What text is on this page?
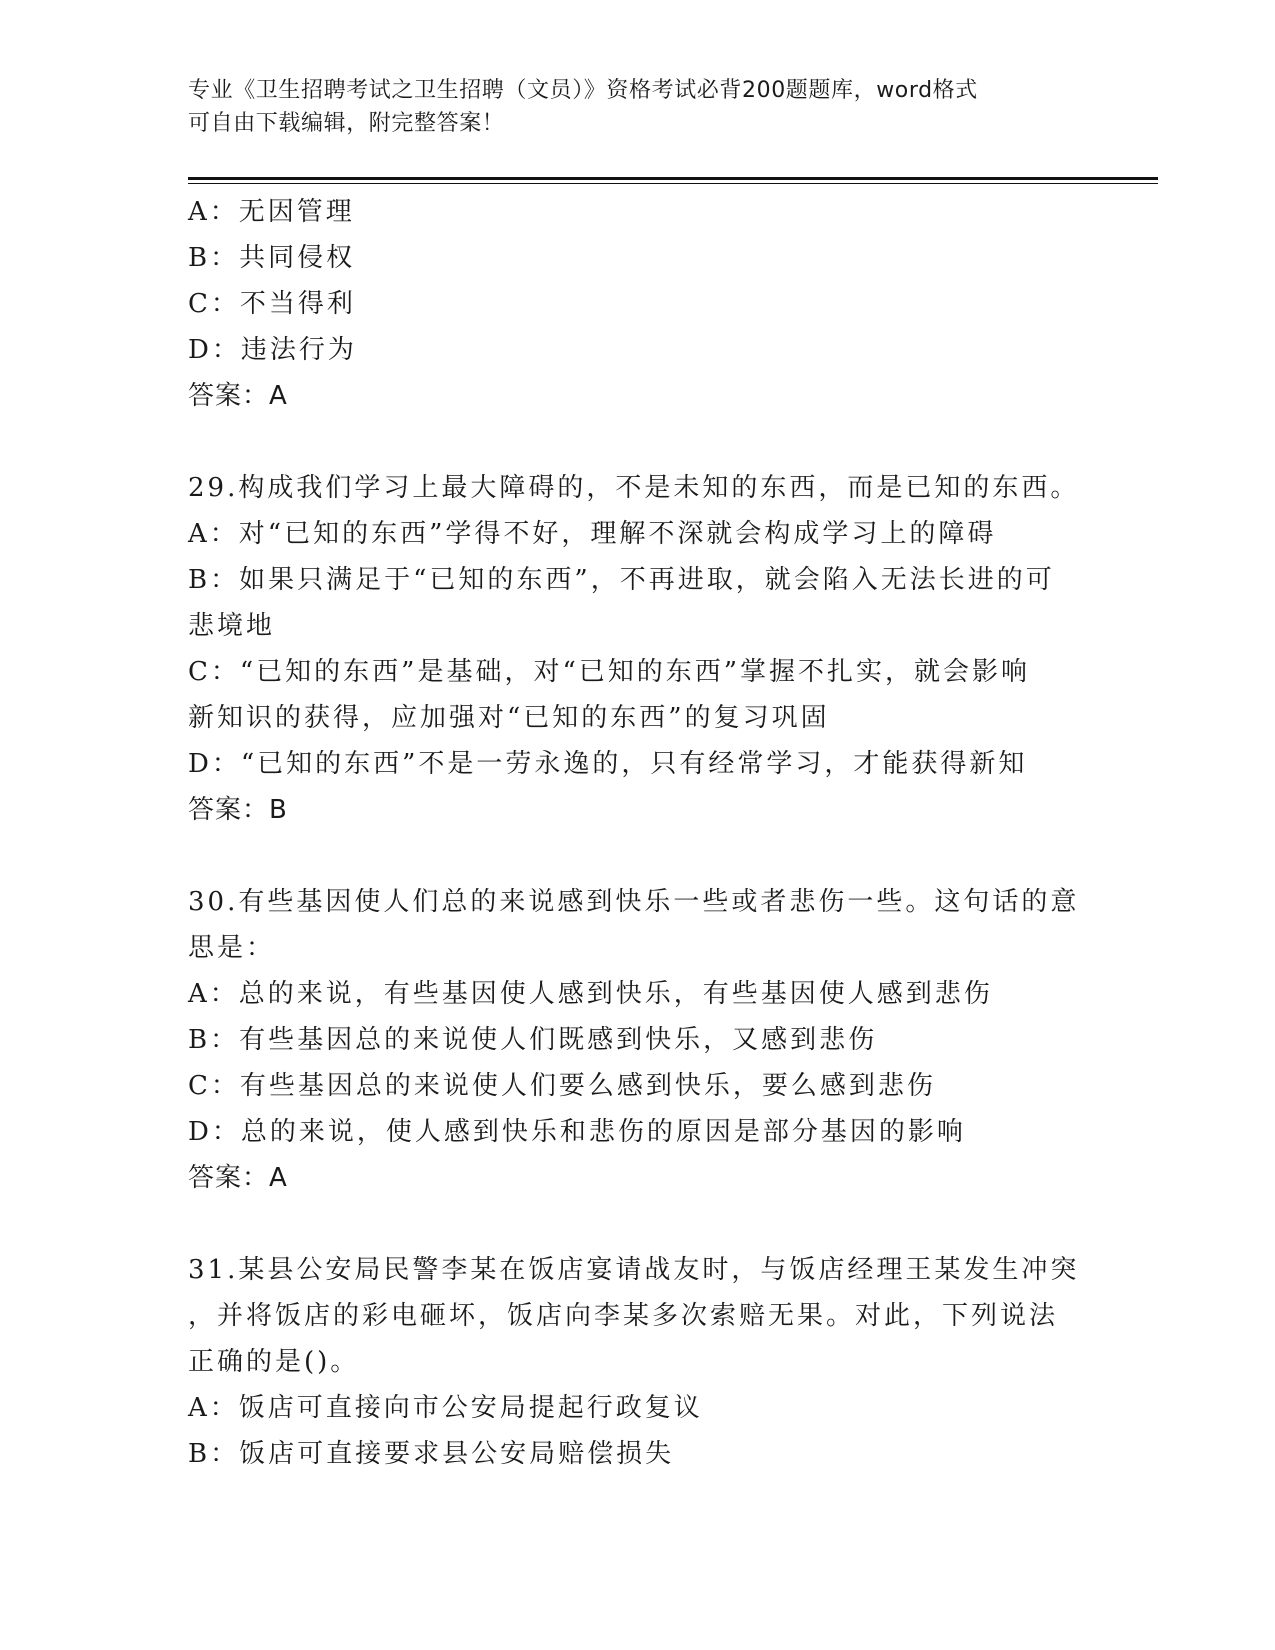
专业《卫生招聘考试之卫生招聘（文员）》资格考试必背200题题库，word格式
可自由下载编辑，附完整答案！
A：无因管理
B：共同侵权
C：不当得利
D：违法行为
答案：A
29.构成我们学习上最大障碍的，不是未知的东西，而是已知的东西。
A：对“已知的东西”学得不好，理解不深就会构成学习上的障碍
B：如果只满足于“已知的东西”，不再进取，就会陷入无法长进的可
悲境地
C：“已知的东西”是基础，对“已知的东西”掌握不扎实，就会影响
新知识的获得，应加强对“已知的东西”的复习巩固
D：“已知的东西”不是一劳永逸的，只有经常学习，才能获得新知
答案：B
30.有些基因使人们总的来说感到快乐一些或者悲伤一些。这句话的意
思是：
A：总的来说，有些基因使人感到快乐，有些基因使人感到悲伤
B：有些基因总的来说使人们既感到快乐，又感到悲伤
C：有些基因总的来说使人们要么感到快乐，要么感到悲伤
D：总的来说，使人感到快乐和悲伤的原因是部分基因的影响
答案：A
31.某县公安局民警李某在饭店宴请战友时，与饭店经理王某发生冲突
，并将饭店的彩电砸坏，饭店向李某多次索赔无果。对此，下列说法
正确的是()。
A：饭店可直接向市公安局提起行政复议
B：饭店可直接要求县公安局赔偿损失
